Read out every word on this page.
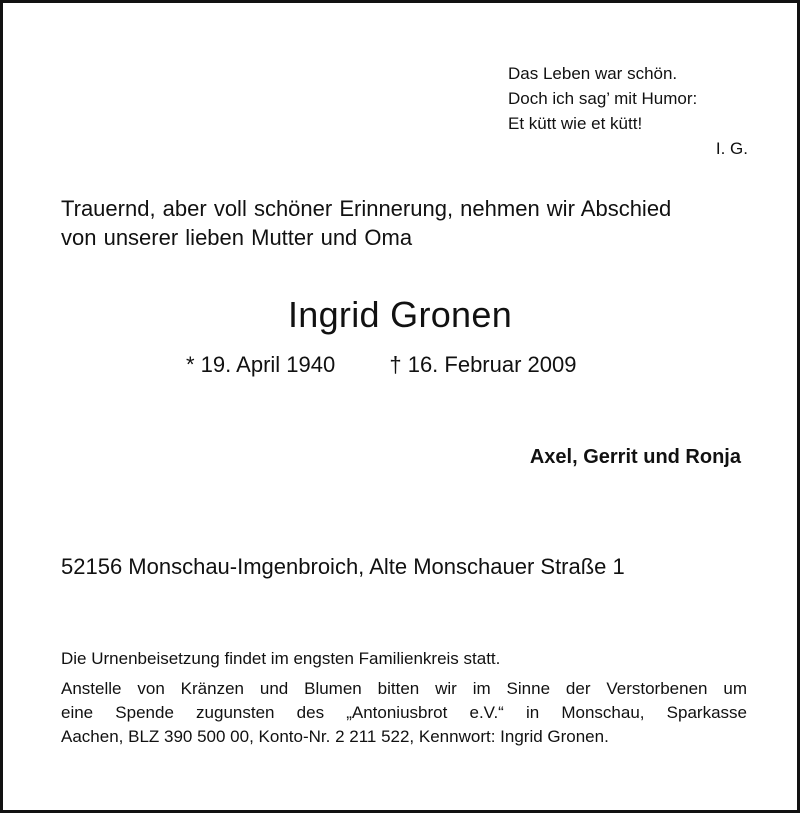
Das Leben war schön.
Doch ich sag’ mit Humor:
Et kütt wie et kütt!
I. G.
Trauernd, aber voll schöner Erinnerung, nehmen wir Abschied
von unserer lieben Mutter und Oma
Ingrid Gronen
* 19. April 1940 † 16. Februar 2009
Axel, Gerrit und Ronja
52156 Monschau-Imgenbroich, Alte Monschauer Straße 1
Die Urnenbeisetzung findet im engsten Familienkreis statt.
Anstelle von Kränzen und Blumen bitten wir im Sinne der Verstorbenen um
eine Spende zugunsten des „Antoniusbrot e.V.“ in Monschau, Sparkasse
Aachen, BLZ 390 500 00, Konto-Nr. 2 211 522, Kennwort: Ingrid Gronen.
